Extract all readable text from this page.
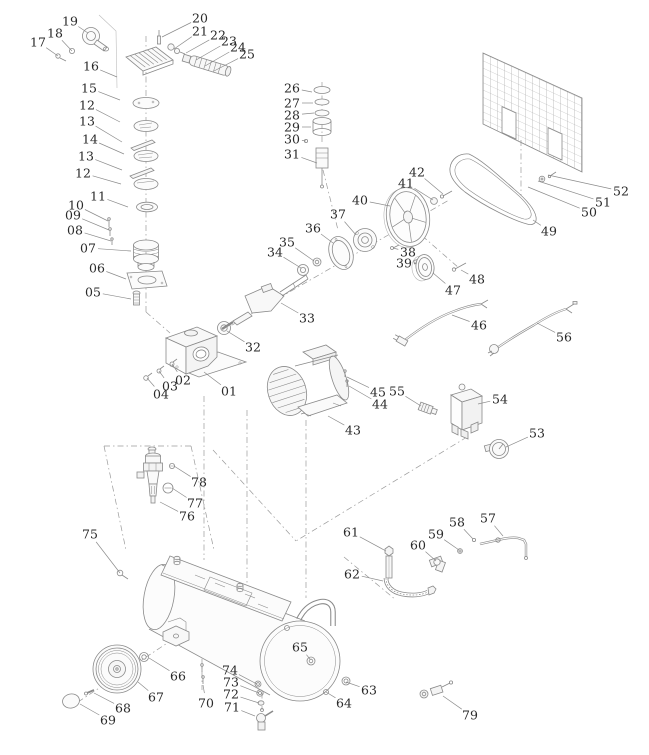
17
18
19	20
21 22
23
24
25
16
15
12
13
14
13
12
11
10
09
08
07
06
05
26
27
28
29
30
31
36
37
40
41
42
34
35
33
32
38
39
47
48
49
50
51
52
46
56
01
02
03
04
43
44
45 55
54
53
78
77
76
75	61
62
60
59
58 57
65
66
67
68
69
70 71
72
73
74
63
64
79
